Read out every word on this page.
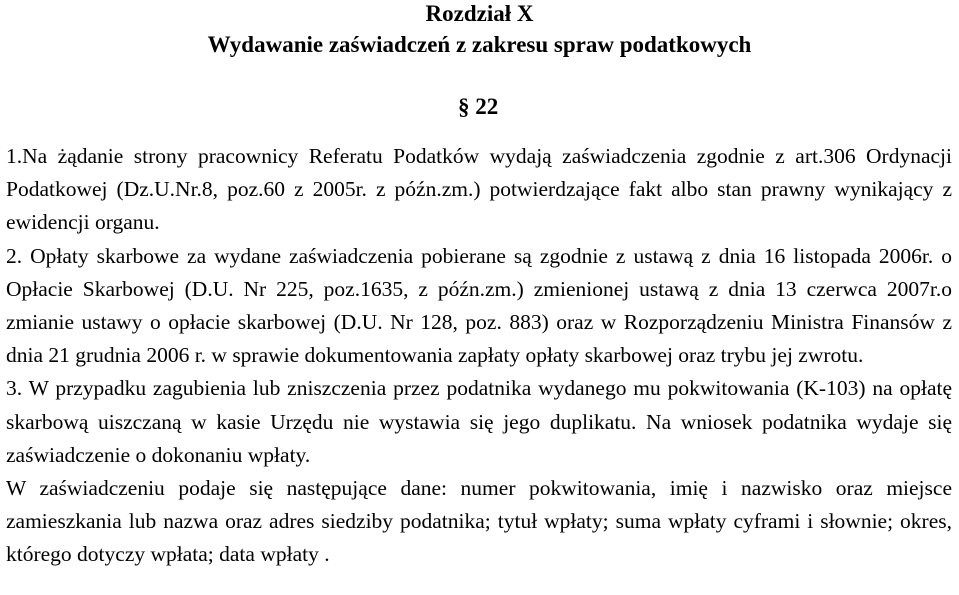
Rozdział X
Wydawanie zaświadczeń z zakresu spraw podatkowych
§ 22

1.Na żądanie strony pracownicy Referatu Podatków wydają zaświadczenia zgodnie z art.306 Ordynacji Podatkowej (Dz.U.Nr.8, poz.60 z 2005r. z późn.zm.) potwierdzające fakt albo stan prawny wynikający z ewidencji organu.

2. Opłaty skarbowe za wydane zaświadczenia pobierane są zgodnie z ustawą z dnia 16 listopada 2006r. o Opłacie Skarbowej (D.U. Nr 225, poz.1635, z późn.zm.) zmienionej ustawą z dnia 13 czerwca 2007r.o zmianie ustawy o opłacie skarbowej (D.U. Nr 128, poz. 883) oraz w Rozporządzeniu Ministra Finansów z dnia 21 grudnia 2006 r. w sprawie dokumentowania zapłaty opłaty skarbowej oraz trybu jej zwrotu.

3. W przypadku zagubienia lub zniszczenia przez podatnika wydanego mu pokwitowania (K-103) na opłatę skarbową uiszczaną w kasie Urzędu nie wystawia się jego duplikatu. Na wniosek podatnika wydaje się zaświadczenie o dokonaniu wpłaty.

W zaświadczeniu podaje się następujące dane: numer pokwitowania, imię i nazwisko oraz miejsce zamieszkania lub nazwa oraz adres siedziby podatnika; tytuł wpłaty; suma wpłaty cyframi i słownie; okres, którego dotyczy wpłata; data wpłaty .
